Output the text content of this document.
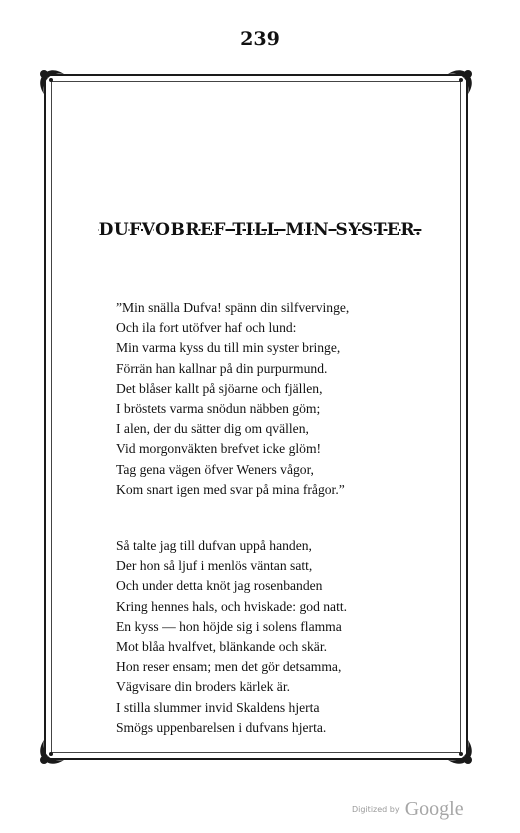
239
DUFVOBREF TILL MIN SYSTER.
”Min snälla Dufva! spänn din silfvervinge,
Och ila fort utöfver haf och lund:
Min varma kyss du till min syster bringe,
Förrän han kallnar på din purpurmund.
Det blåser kallt på sjöarne och fjällen,
I bröstets varma snödun näbben göm;
I alen, der du sätter dig om qvällen,
Vid morgonväkten brefvet icke glöm!
Tag gena vägen öfver Weners vågor,
Kom snart igen med svar på mina frågor.”
Så talte jag till dufvan uppå handen,
Der hon så ljuf i menlös väntan satt,
Och under detta knöt jag rosenbanden
Kring hennes hals, och hviskade: god natt.
En kyss — hon höjde sig i solens flamma
Mot blåa hvalfvet, blänkande och skär.
Hon reser ensam; men det gör detsamma,
Vägvisare din broders kärlek är.
I stilla slummer invid Skaldens hjerta
Smögs uppenbarelsen i dufvans hjerta.
Digitized by Google
